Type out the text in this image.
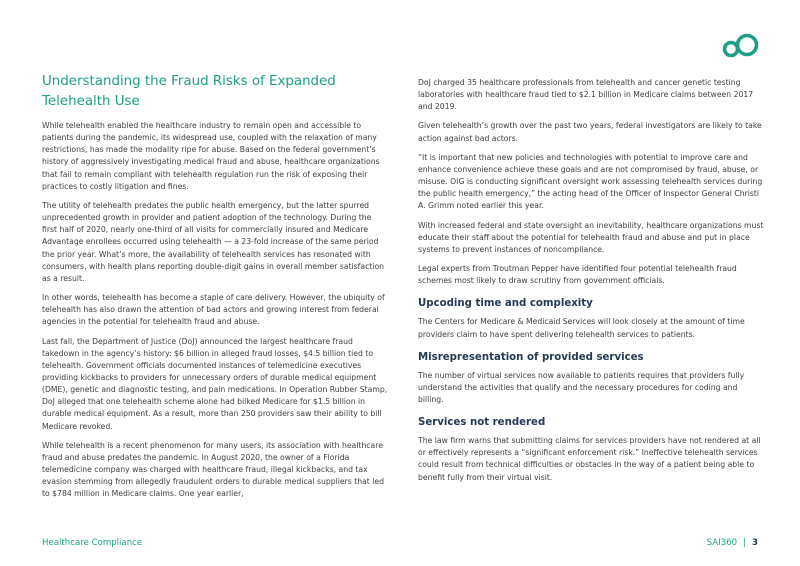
Understanding the Fraud Risks of Expanded Telehealth Use

While telehealth enabled the healthcare industry to remain open and accessible to patients during the pandemic, its widespread use, coupled with the relaxation of many restrictions, has made the modality ripe for abuse. Based on the federal government’s history of aggressively investigating medical fraud and abuse, healthcare organizations that fail to remain compliant with telehealth regulation run the risk of exposing their practices to costly litigation and fines.

The utility of telehealth predates the public health emergency, but the latter spurred unprecedented growth in provider and patient adoption of the technology. During the first half of 2020, nearly one-third of all visits for commercially insured and Medicare Advantage enrollees occurred using telehealth — a 23-fold increase of the same period the prior year. What’s more, the availability of telehealth services has resonated with consumers, with health plans reporting double-digit gains in overall member satisfaction as a result.

In other words, telehealth has become a staple of care delivery. However, the ubiquity of telehealth has also drawn the attention of bad actors and growing interest from federal agencies in the potential for telehealth fraud and abuse.

Last fall, the Department of Justice (DoJ) announced the largest healthcare fraud takedown in the agency’s history: $6 billion in alleged fraud losses, $4.5 billion tied to telehealth. Government officials documented instances of telemedicine executives providing kickbacks to providers for unnecessary orders of durable medical equipment (DME), genetic and diagnostic testing, and pain medications. In Operation Rubber Stamp, DoJ alleged that one telehealth scheme alone had bilked Medicare for $1.5 billion in durable medical equipment. As a result, more than 250 providers saw their ability to bill Medicare revoked.

While telehealth is a recent phenomenon for many users, its association with healthcare fraud and abuse predates the pandemic. In August 2020, the owner of a Florida telemedicine company was charged with healthcare fraud, illegal kickbacks, and tax evasion stemming from allegedly fraudulent orders to durable medical suppliers that led to $784 million in Medicare claims. One year earlier,

DoJ charged 35 healthcare professionals from telehealth and cancer genetic testing laboratories with healthcare fraud tied to $2.1 billion in Medicare claims between 2017 and 2019.

Given telehealth’s growth over the past two years, federal investigators are likely to take action against bad actors.

“It is important that new policies and technologies with potential to improve care and enhance convenience achieve these goals and are not compromised by fraud, abuse, or misuse. OIG is conducting significant oversight work assessing telehealth services during the public health emergency,” the acting head of the Officer of Inspector General Christi A. Grimm noted earlier this year.

With increased federal and state oversight an inevitability, healthcare organizations must educate their staff about the potential for telehealth fraud and abuse and put in place systems to prevent instances of noncompliance.

Legal experts from Troutman Pepper have identified four potential telehealth fraud schemes most likely to draw scrutiny from government officials.

Upcoding time and complexity

The Centers for Medicare & Medicaid Services will look closely at the amount of time providers claim to have spent delivering telehealth services to patients.

Misrepresentation of provided services

The number of virtual services now available to patients requires that providers fully understand the activities that qualify and the necessary procedures for coding and billing.

Services not rendered

The law firm warns that submitting claims for services providers have not rendered at all or effectively represents a “significant enforcement risk.” Ineffective telehealth services could result from technical difficulties or obstacles in the way of a patient being able to benefit fully from their virtual visit.

Healthcare Compliance	SAI360 | 3
